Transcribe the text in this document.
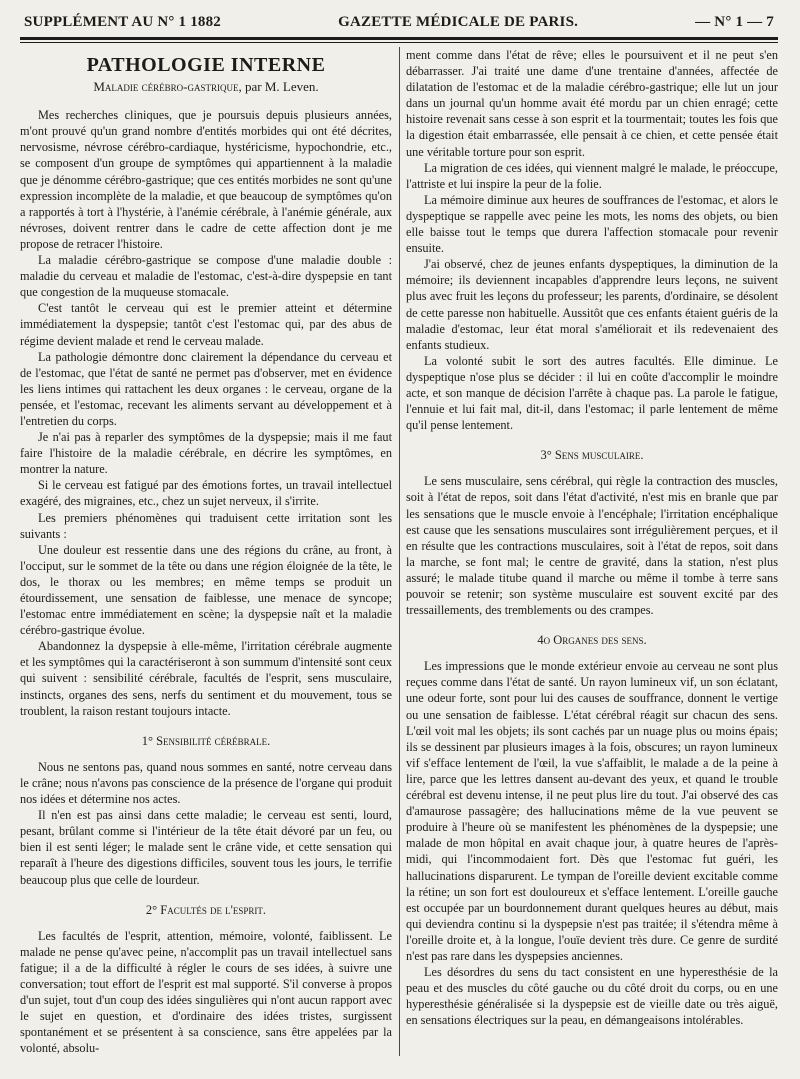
SUPPLÉMENT AU N° 1 1882	GAZETTE MÉDICALE DE PARIS.	— N° 1 — 7
PATHOLOGIE INTERNE
Maladie cérébro-gastrique, par M. Leven.

Mes recherches cliniques, que je poursuis depuis plusieurs années, m'ont prouvé qu'un grand nombre d'entités morbides qui ont été décrites, nervosisme, névrose cérébro-cardiaque, hystéricisme, hypochondrie, etc., se composent d'un groupe de symptômes qui appartiennent à la maladie que je dénomme cérébro-gastrique; que ces entités morbides ne sont qu'une expression incomplète de la maladie, et que beaucoup de symptômes qu'on a rapportés à tort à l'hystérie, à l'anémie cérébrale, à l'anémie générale, aux névroses, doivent rentrer dans le cadre de cette affection dont je me propose de retracer l'histoire.

La maladie cérébro-gastrique se compose d'une maladie double : maladie du cerveau et maladie de l'estomac, c'est-à-dire dyspepsie en tant que congestion de la muqueuse stomacale.

C'est tantôt le cerveau qui est le premier atteint et détermine immédiatement la dyspepsie; tantôt c'est l'estomac qui, par des abus de régime devient malade et rend le cerveau malade.

La pathologie démontre donc clairement la dépendance du cerveau et de l'estomac, que l'état de santé ne permet pas d'observer, met en évidence les liens intimes qui rattachent les deux organes : le cerveau, organe de la pensée, et l'estomac, recevant les aliments servant au développement et à l'entretien du corps.

Je n'ai pas à reparler des symptômes de la dyspepsie; mais il me faut faire l'histoire de la maladie cérébrale, en décrire les symptômes, en montrer la nature.

Si le cerveau est fatigué par des émotions fortes, un travail intellectuel exagéré, des migraines, etc., chez un sujet nerveux, il s'irrite.

Les premiers phénomènes qui traduisent cette irritation sont les suivants :

Une douleur est ressentie dans une des régions du crâne, au front, à l'occiput, sur le sommet de la tête ou dans une région éloignée de la tête, le dos, le thorax ou les membres; en même temps se produit un étourdissement, une sensation de faiblesse, une menace de syncope; l'estomac entre immédiatement en scène; la dyspepsie naît et la maladie cérébro-gastrique évolue.

Abandonnez la dyspepsie à elle-même, l'irritation cérébrale augmente et les symptômes qui la caractériseront à son summum d'intensité sont ceux qui suivent : sensibilité cérébrale, facultés de l'esprit, sens musculaire, instincts, organes des sens, nerfs du sentiment et du mouvement, tous se troublent, la raison restant toujours intacte.

1° Sensibilité cérébrale.

Nous ne sentons pas, quand nous sommes en santé, notre cerveau dans le crâne; nous n'avons pas conscience de la présence de l'organe qui produit nos idées et détermine nos actes.

Il n'en est pas ainsi dans cette maladie; le cerveau est senti, lourd, pesant, brûlant comme si l'intérieur de la tête était dévoré par un feu, ou bien il est senti léger; le malade sent le crâne vide, et cette sensation qui reparaît à l'heure des digestions difficiles, souvent tous les jours, le terrifie beaucoup plus que celle de lourdeur.

2° Facultés de l'esprit.

Les facultés de l'esprit, attention, mémoire, volonté, faiblissent. Le malade ne pense qu'avec peine, n'accomplit pas un travail intellectuel sans fatigue; il a de la difficulté à régler le cours de ses idées, à suivre une conversation; tout effort de l'esprit est mal supporté. S'il converse à propos d'un sujet, tout d'un coup des idées singulières qui n'ont aucun rapport avec le sujet en question, et d'ordinaire des idées tristes, surgissent spontanément et se présentent à sa conscience, sans être appelées par la volonté, absolu-

ment comme dans l'état de rêve; elles le poursuivent et il ne peut s'en débarrasser. J'ai traité une dame d'une trentaine d'années, affectée de dilatation de l'estomac et de la maladie cérébro-gastrique; elle lut un jour dans un journal qu'un homme avait été mordu par un chien enragé; cette histoire revenait sans cesse à son esprit et la tourmentait; toutes les fois que la digestion était embarrassée, elle pensait à ce chien, et cette pensée était une véritable torture pour son esprit.

La migration de ces idées, qui viennent malgré le malade, le préoccupe, l'attriste et lui inspire la peur de la folie.

La mémoire diminue aux heures de souffrances de l'estomac, et alors le dyspeptique se rappelle avec peine les mots, les noms des objets, ou bien elle baisse tout le temps que durera l'affection stomacale pour revenir ensuite.

J'ai observé, chez de jeunes enfants dyspeptiques, la diminution de la mémoire; ils deviennent incapables d'apprendre leurs leçons, ne suivent plus avec fruit les leçons du professeur; les parents, d'ordinaire, se désolent de cette paresse non habituelle. Aussitôt que ces enfants étaient guéris de la maladie d'estomac, leur état moral s'améliorait et ils redevenaient des enfants studieux.

La volonté subit le sort des autres facultés. Elle diminue. Le dyspeptique n'ose plus se décider : il lui en coûte d'accomplir le moindre acte, et son manque de décision l'arrête à chaque pas. La parole le fatigue, l'ennuie et lui fait mal, dit-il, dans l'estomac; il parle lentement de même qu'il pense lentement.

3° Sens musculaire.

Le sens musculaire, sens cérébral, qui règle la contraction des muscles, soit à l'état de repos, soit dans l'état d'activité, n'est mis en branle que par les sensations que le muscle envoie à l'encéphale; l'irritation encéphalique est cause que les sensations musculaires sont irrégulièrement perçues, et il en résulte que les contractions musculaires, soit à l'état de repos, soit dans la marche, se font mal; le centre de gravité, dans la station, n'est plus assuré; le malade titube quand il marche ou même il tombe à terre sans pouvoir se retenir; son système musculaire est souvent excité par des tressaillements, des tremblements ou des crampes.

4o Organes des sens.

Les impressions que le monde extérieur envoie au cerveau ne sont plus reçues comme dans l'état de santé. Un rayon lumineux vif, un son éclatant, une odeur forte, sont pour lui des causes de souffrance, donnent le vertige ou une sensation de faiblesse. L'état cérébral réagit sur chacun des sens. L'œil voit mal les objets; ils sont cachés par un nuage plus ou moins épais; ils se dessinent par plusieurs images à la fois, obscures; un rayon lumineux vif s'efface lentement de l'œil, la vue s'affaiblit, le malade a de la peine à lire, parce que les lettres dansent au-devant des yeux, et quand le trouble cérébral est devenu intense, il ne peut plus lire du tout. J'ai observé des cas d'amaurose passagère; des hallucinations même de la vue peuvent se produire à l'heure où se manifestent les phénomènes de la dyspepsie; une malade de mon hôpital en avait chaque jour, à quatre heures de l'après-midi, qui l'incommodaient fort. Dès que l'estomac fut guéri, les hallucinations disparurent. Le tympan de l'oreille devient excitable comme la rétine; un son fort est douloureux et s'efface lentement. L'oreille gauche est occupée par un bourdonnement durant quelques heures au début, mais qui deviendra continu si la dyspepsie n'est pas traitée; il s'étendra même à l'oreille droite et, à la longue, l'ouïe devient très dure. Ce genre de surdité n'est pas rare dans les dyspepsies anciennes.

Les désordres du sens du tact consistent en une hyperesthésie de la peau et des muscles du côté gauche ou du côté droit du corps, ou en une hyperesthésie généralisée si la dyspepsie est de vieille date ou très aiguë, en sensations électriques sur la peau, en démangeaisons intolérables.
